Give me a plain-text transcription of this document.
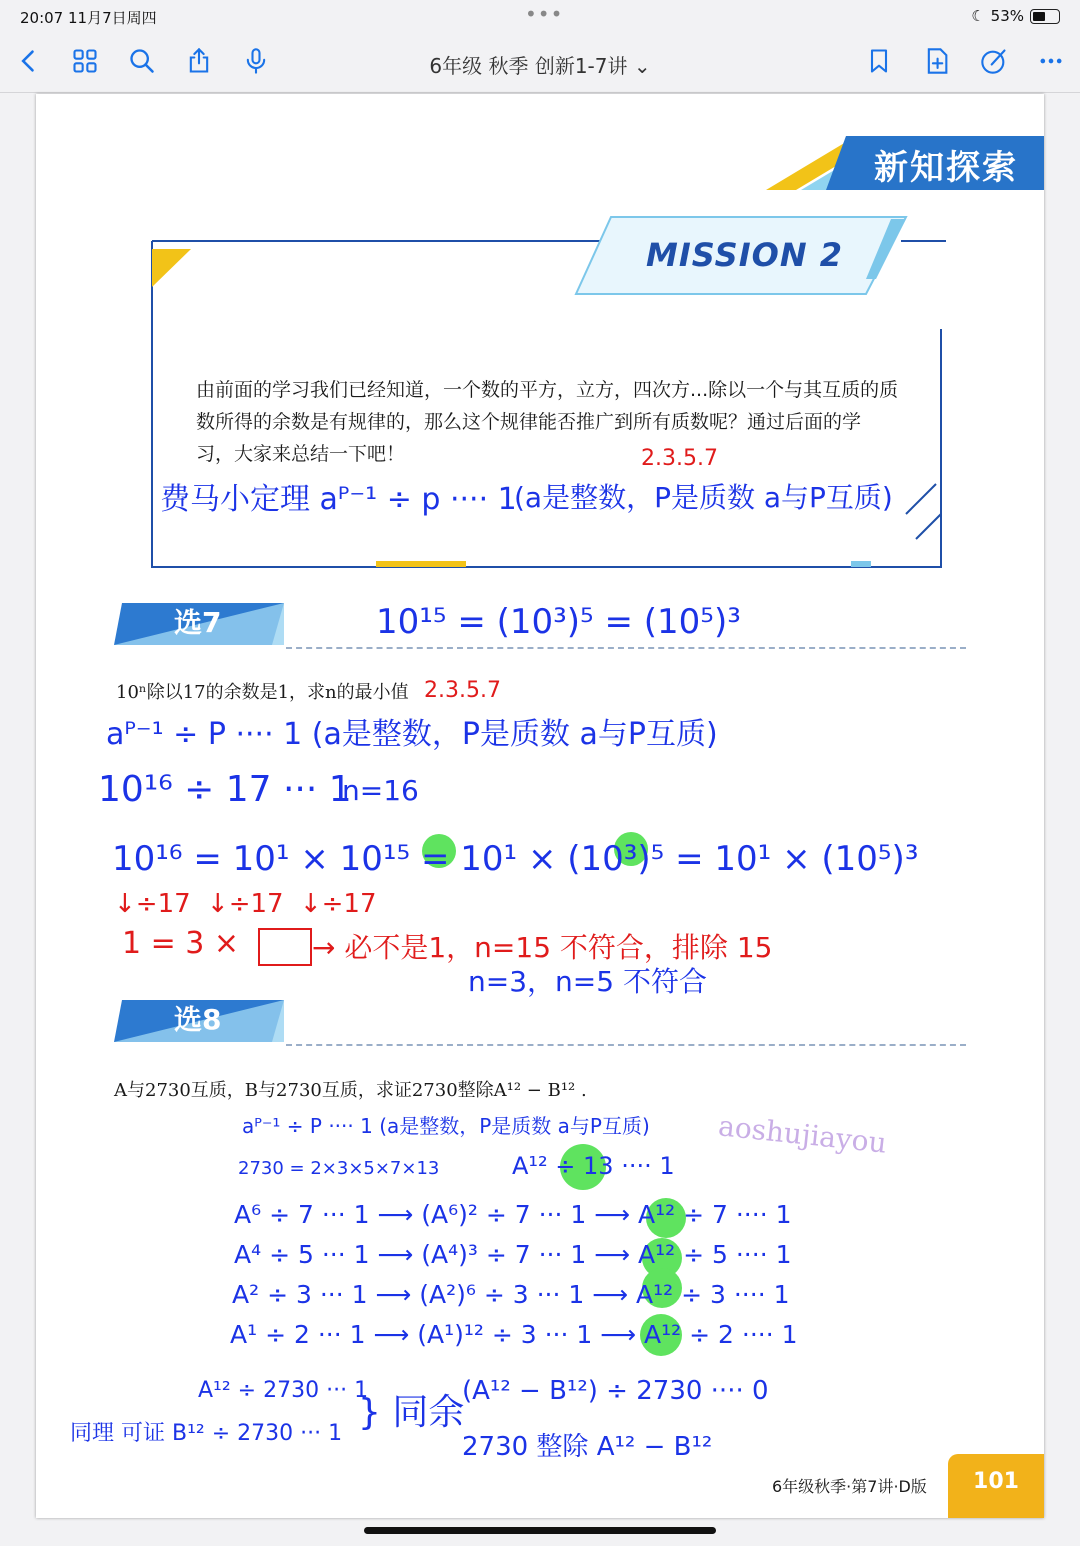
20:07 11月7日周四	•••	☾ 53%
6年级 秋季 创新1-7讲 ⌄
新知探索
MISSION 2
由前面的学习我们已经知道，一个数的平方，立方，四次方...除以一个与其互质的质
数所得的余数是有规律的，那么这个规律能否推广到所有质数呢？通过后面的学
习，大家来总结一下吧！	2.3.5.7
费马小定理 aᴾ⁻¹ ÷ p ···· 1
(a是整数，P是质数 a与P互质)
选7	10¹⁵ = (10³)⁵ = (10⁵)³
10ⁿ除以17的余数是1，求n的最小值 2.3.5.7
aᴾ⁻¹ ÷ P ···· 1 (a是整数，P是质数 a与P互质)
10¹⁶ ÷ 17 ··· 1
n=16
10¹⁶ = 10¹ × 10¹⁵ = 10¹ × (10³)⁵ = 10¹ × (10⁵)³
↓÷17 ↓÷17 ↓÷17
1 = 3 ×	→ 必不是1，n=15 不符合，排除 15
n=3，n=5 不符合
选8
A与2730互质，B与2730互质，求证2730整除A¹² − B¹² .
aᴾ⁻¹ ÷ P ···· 1 (a是整数，P是质数 a与P互质)
2730 = 2×3×5×7×13	A¹² ÷ 13 ···· 1
aoshujiayou
A⁶ ÷ 7 ··· 1 ⟶ (A⁶)² ÷ 7 ··· 1 ⟶ A¹² ÷ 7 ···· 1
A⁴ ÷ 5 ··· 1 ⟶ (A⁴)³ ÷ 7 ··· 1 ⟶ A¹² ÷ 5 ···· 1
A² ÷ 3 ··· 1 ⟶ (A²)⁶ ÷ 3 ··· 1 ⟶ A¹² ÷ 3 ···· 1
A¹ ÷ 2 ··· 1 ⟶ (A¹)¹² ÷ 3 ··· 1 ⟶ A¹² ÷ 2 ···· 1
A¹² ÷ 2730 ··· 1
同理 可证 B¹² ÷ 2730 ··· 1
} 同余
(A¹² − B¹²) ÷ 2730 ···· 0
2730 整除 A¹² − B¹²
6年级秋季·第7讲·D版	101
